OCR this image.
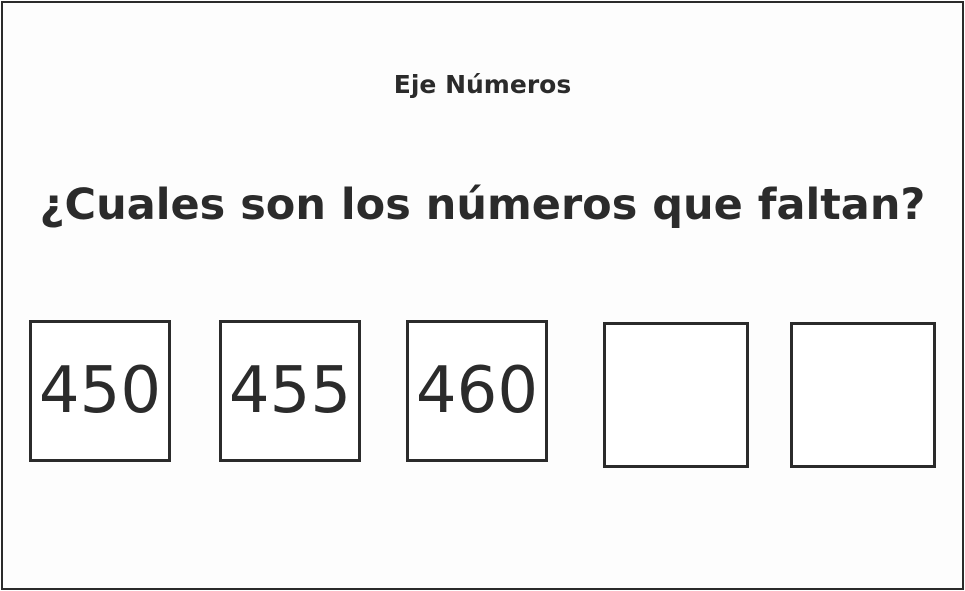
Eje Números
¿Cuales son los números que faltan?
450 455 460
